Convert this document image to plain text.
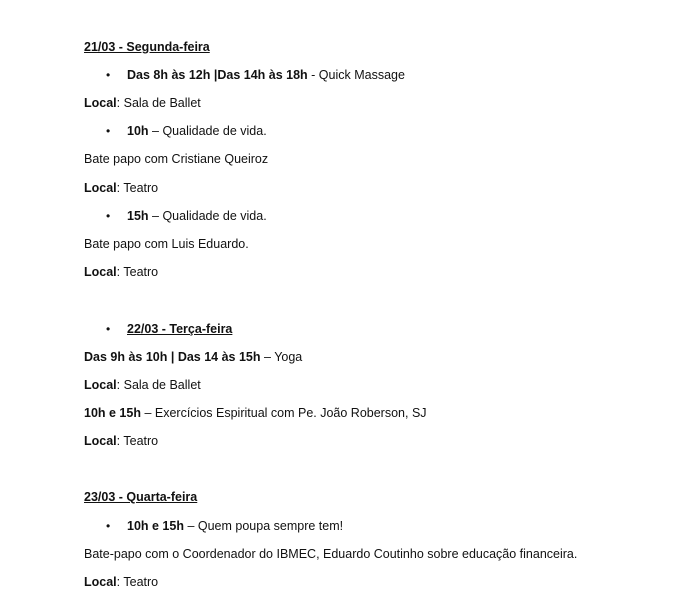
21/03 - Segunda-feira
• Das 8h às 12h |Das 14h às 18h - Quick Massage
Local: Sala de Ballet
• 10h – Qualidade de vida.
Bate papo com Cristiane Queiroz
Local: Teatro
• 15h – Qualidade de vida.
Bate papo com Luis Eduardo.
Local: Teatro
• 22/03 - Terça-feira
Das 9h às 10h | Das 14 às 15h – Yoga
Local: Sala de Ballet
10h e 15h – Exercícios Espiritual com Pe. João Roberson, SJ
Local: Teatro
23/03 - Quarta-feira
• 10h e 15h – Quem poupa sempre tem!
Bate-papo com o Coordenador do IBMEC, Eduardo Coutinho sobre educação financeira.
Local: Teatro
